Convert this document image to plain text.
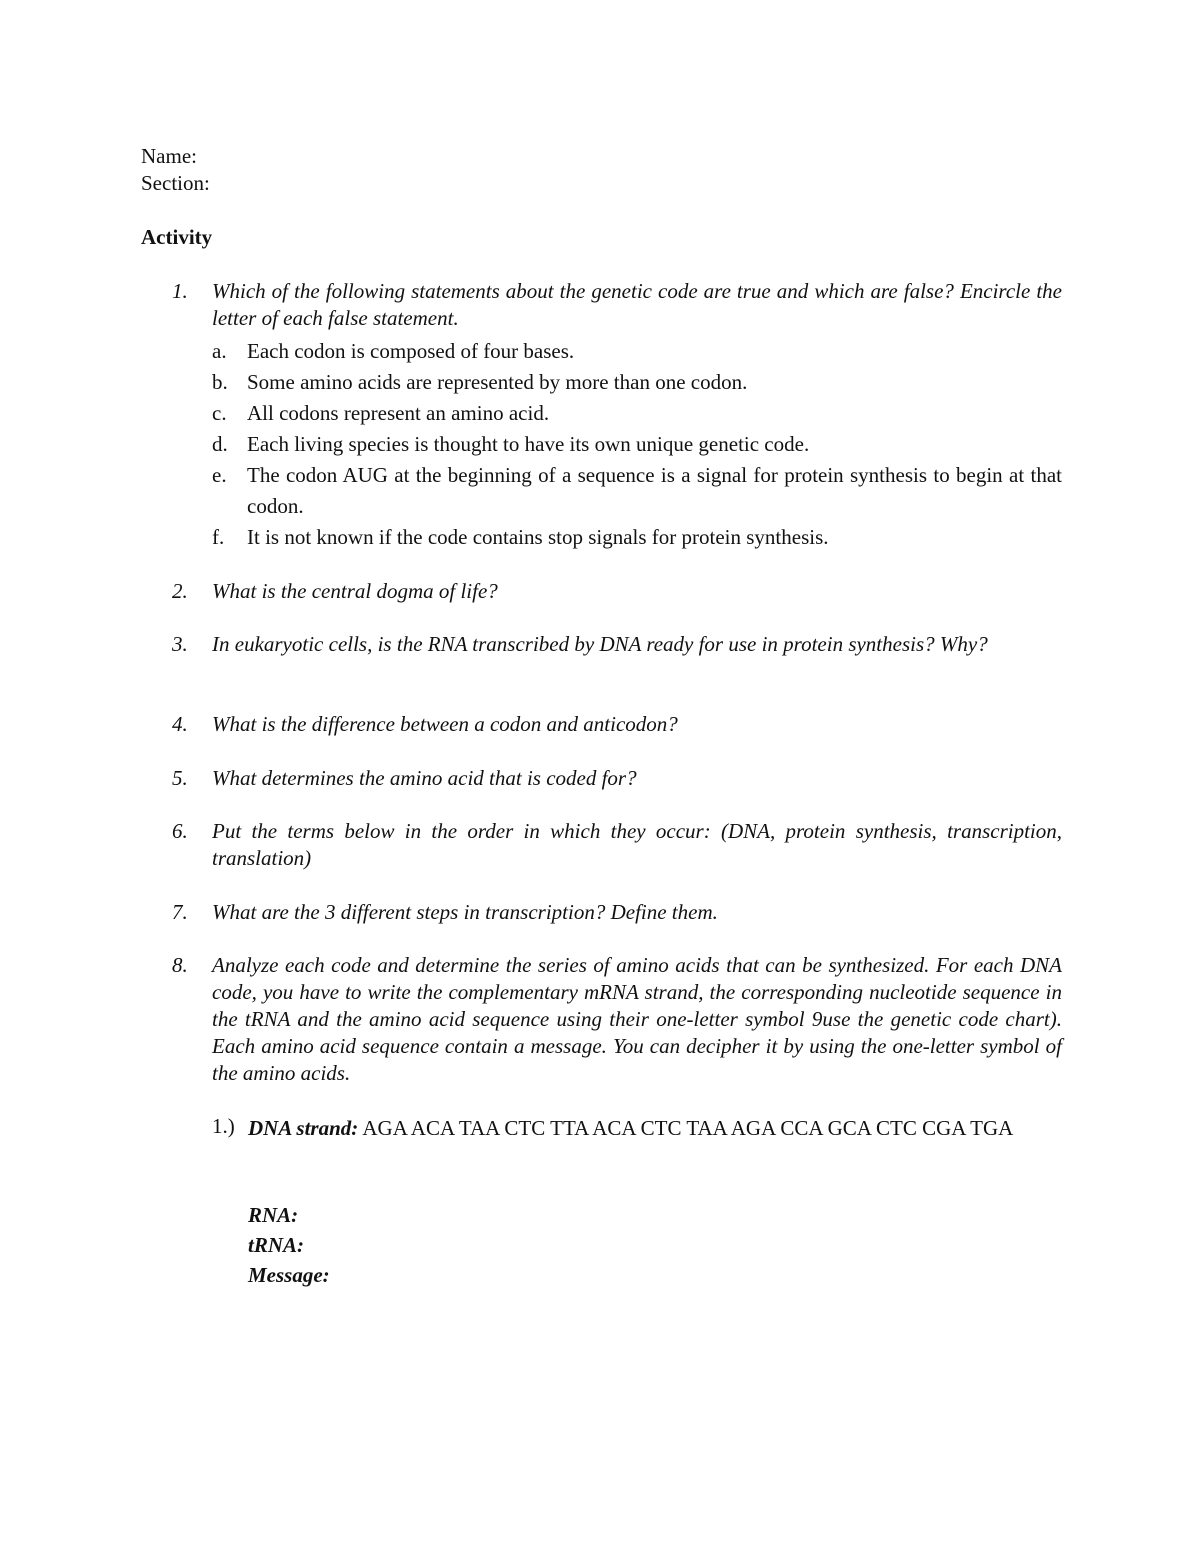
Name:

Section:

Activity

1. Which of the following statements about the genetic code are true and which are false? Encircle the letter of each false statement.
a. Each codon is composed of four bases.
b. Some amino acids are represented by more than one codon.
c. All codons represent an amino acid.
d. Each living species is thought to have its own unique genetic code.
e. The codon AUG at the beginning of a sequence is a signal for protein synthesis to begin at that codon.
f. It is not known if the code contains stop signals for protein synthesis.
2. What is the central dogma of life?
3. In eukaryotic cells, is the RNA transcribed by DNA ready for use in protein synthesis? Why?
4. What is the difference between a codon and anticodon?
5. What determines the amino acid that is coded for?
6. Put the terms below in the order in which they occur: (DNA, protein synthesis, transcription, translation)
7. What are the 3 different steps in transcription? Define them.
8. Analyze each code and determine the series of amino acids that can be synthesized. For each DNA code, you have to write the complementary mRNA strand, the corresponding nucleotide sequence in the tRNA and the amino acid sequence using their one-letter symbol 9use the genetic code chart). Each amino acid sequence contain a message. You can decipher it by using the one-letter symbol of the amino acids.
1.) DNA strand: AGA ACA TAA CTC TTA ACA CTC TAA AGA CCA GCA CTC CGA TGA
RNA:
tRNA:
Message:
